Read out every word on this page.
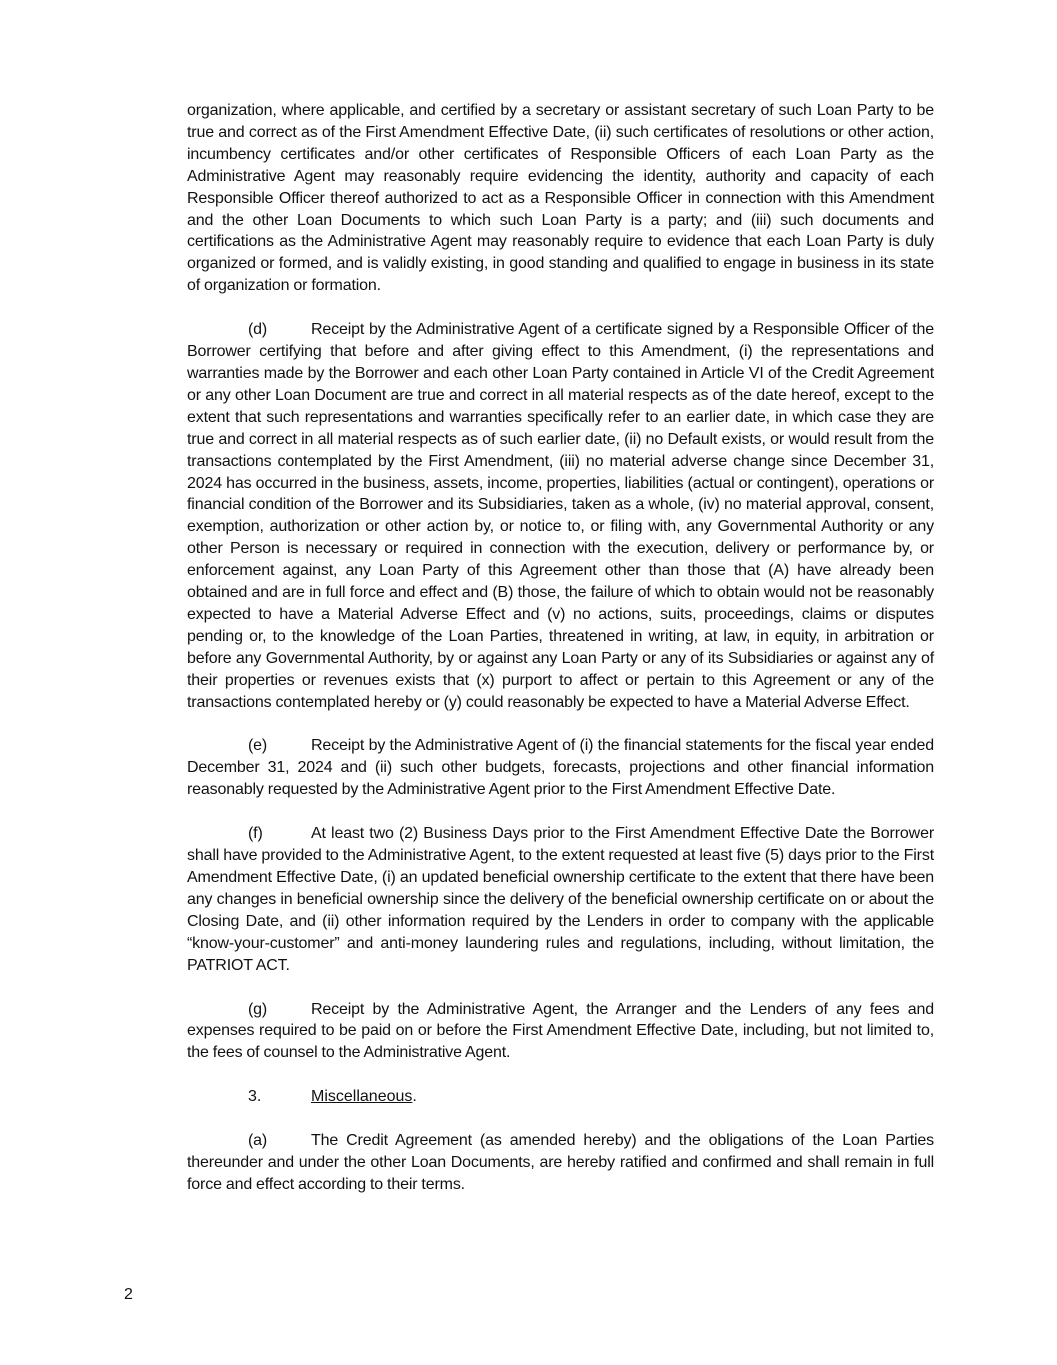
organization, where applicable, and certified by a secretary or assistant secretary of such Loan Party to be true and correct as of the First Amendment Effective Date, (ii) such certificates of resolutions or other action, incumbency certificates and/or other certificates of Responsible Officers of each Loan Party as the Administrative Agent may reasonably require evidencing the identity, authority and capacity of each Responsible Officer thereof authorized to act as a Responsible Officer in connection with this Amendment and the other Loan Documents to which such Loan Party is a party; and (iii) such documents and certifications as the Administrative Agent may reasonably require to evidence that each Loan Party is duly organized or formed, and is validly existing, in good standing and qualified to engage in business in its state of organization or formation.

(d)	Receipt by the Administrative Agent of a certificate signed by a Responsible Officer of the Borrower certifying that before and after giving effect to this Amendment, (i) the representations and warranties made by the Borrower and each other Loan Party contained in Article VI of the Credit Agreement or any other Loan Document are true and correct in all material respects as of the date hereof, except to the extent that such representations and warranties specifically refer to an earlier date, in which case they are true and correct in all material respects as of such earlier date, (ii) no Default exists, or would result from the transactions contemplated by the First Amendment, (iii) no material adverse change since December 31, 2024 has occurred in the business, assets, income, properties, liabilities (actual or contingent), operations or financial condition of the Borrower and its Subsidiaries, taken as a whole, (iv) no material approval, consent, exemption, authorization or other action by, or notice to, or filing with, any Governmental Authority or any other Person is necessary or required in connection with the execution, delivery or performance by, or enforcement against, any Loan Party of this Agreement other than those that (A) have already been obtained and are in full force and effect and (B) those, the failure of which to obtain would not be reasonably expected to have a Material Adverse Effect and (v) no actions, suits, proceedings, claims or disputes pending or, to the knowledge of the Loan Parties, threatened in writing, at law, in equity, in arbitration or before any Governmental Authority, by or against any Loan Party or any of its Subsidiaries or against any of their properties or revenues exists that (x) purport to affect or pertain to this Agreement or any of the transactions contemplated hereby or (y) could reasonably be expected to have a Material Adverse Effect.

(e)	Receipt by the Administrative Agent of (i) the financial statements for the fiscal year ended December 31, 2024 and (ii) such other budgets, forecasts, projections and other financial information reasonably requested by the Administrative Agent prior to the First Amendment Effective Date.

(f)	At least two (2) Business Days prior to the First Amendment Effective Date the Borrower shall have provided to the Administrative Agent, to the extent requested at least five (5) days prior to the First Amendment Effective Date, (i) an updated beneficial ownership certificate to the extent that there have been any changes in beneficial ownership since the delivery of the beneficial ownership certificate on or about the Closing Date, and (ii) other information required by the Lenders in order to company with the applicable “know-your-customer” and anti-money laundering rules and regulations, including, without limitation, the PATRIOT ACT.

(g)	Receipt by the Administrative Agent, the Arranger and the Lenders of any fees and expenses required to be paid on or before the First Amendment Effective Date, including, but not limited to, the fees of counsel to the Administrative Agent.

3.	Miscellaneous.

(a)	The Credit Agreement (as amended hereby) and the obligations of the Loan Parties thereunder and under the other Loan Documents, are hereby ratified and confirmed and shall remain in full force and effect according to their terms.

2
